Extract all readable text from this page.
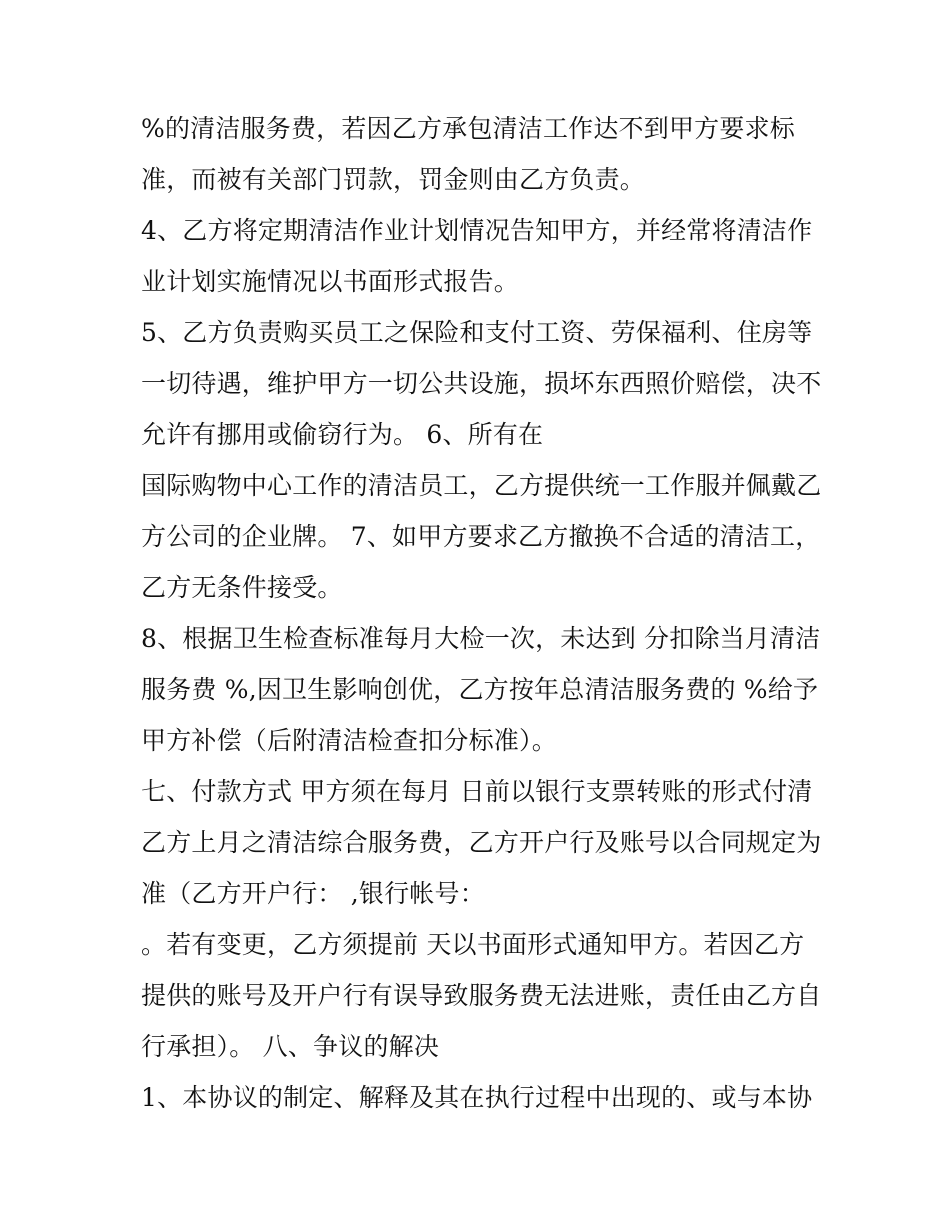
%的清洁服务费，若因乙方承包清洁工作达不到甲方要求标
准，而被有关部门罚款，罚金则由乙方负责。
4、乙方将定期清洁作业计划情况告知甲方，并经常将清洁作
业计划实施情况以书面形式报告。
5、乙方负责购买员工之保险和支付工资、劳保福利、住房等
一切待遇，维护甲方一切公共设施，损坏东西照价赔偿，决不
允许有挪用或偷窃行为。 6、所有在
国际购物中心工作的清洁员工，乙方提供统一工作服并佩戴乙
方公司的企业牌。 7、如甲方要求乙方撤换不合适的清洁工，
乙方无条件接受。
8、根据卫生检查标准每月大检一次，未达到 分扣除当月清洁
服务费 %,因卫生影响创优，乙方按年总清洁服务费的 %给予
甲方补偿（后附清洁检查扣分标准）。
七、付款方式 甲方须在每月 日前以银行支票转账的形式付清
乙方上月之清洁综合服务费，乙方开户行及账号以合同规定为
准（乙方开户行： ,银行帐号：
。若有变更，乙方须提前 天以书面形式通知甲方。若因乙方
提供的账号及开户行有误导致服务费无法进账，责任由乙方自
行承担）。 八、争议的解决
1、本协议的制定、解释及其在执行过程中出现的、或与本协
